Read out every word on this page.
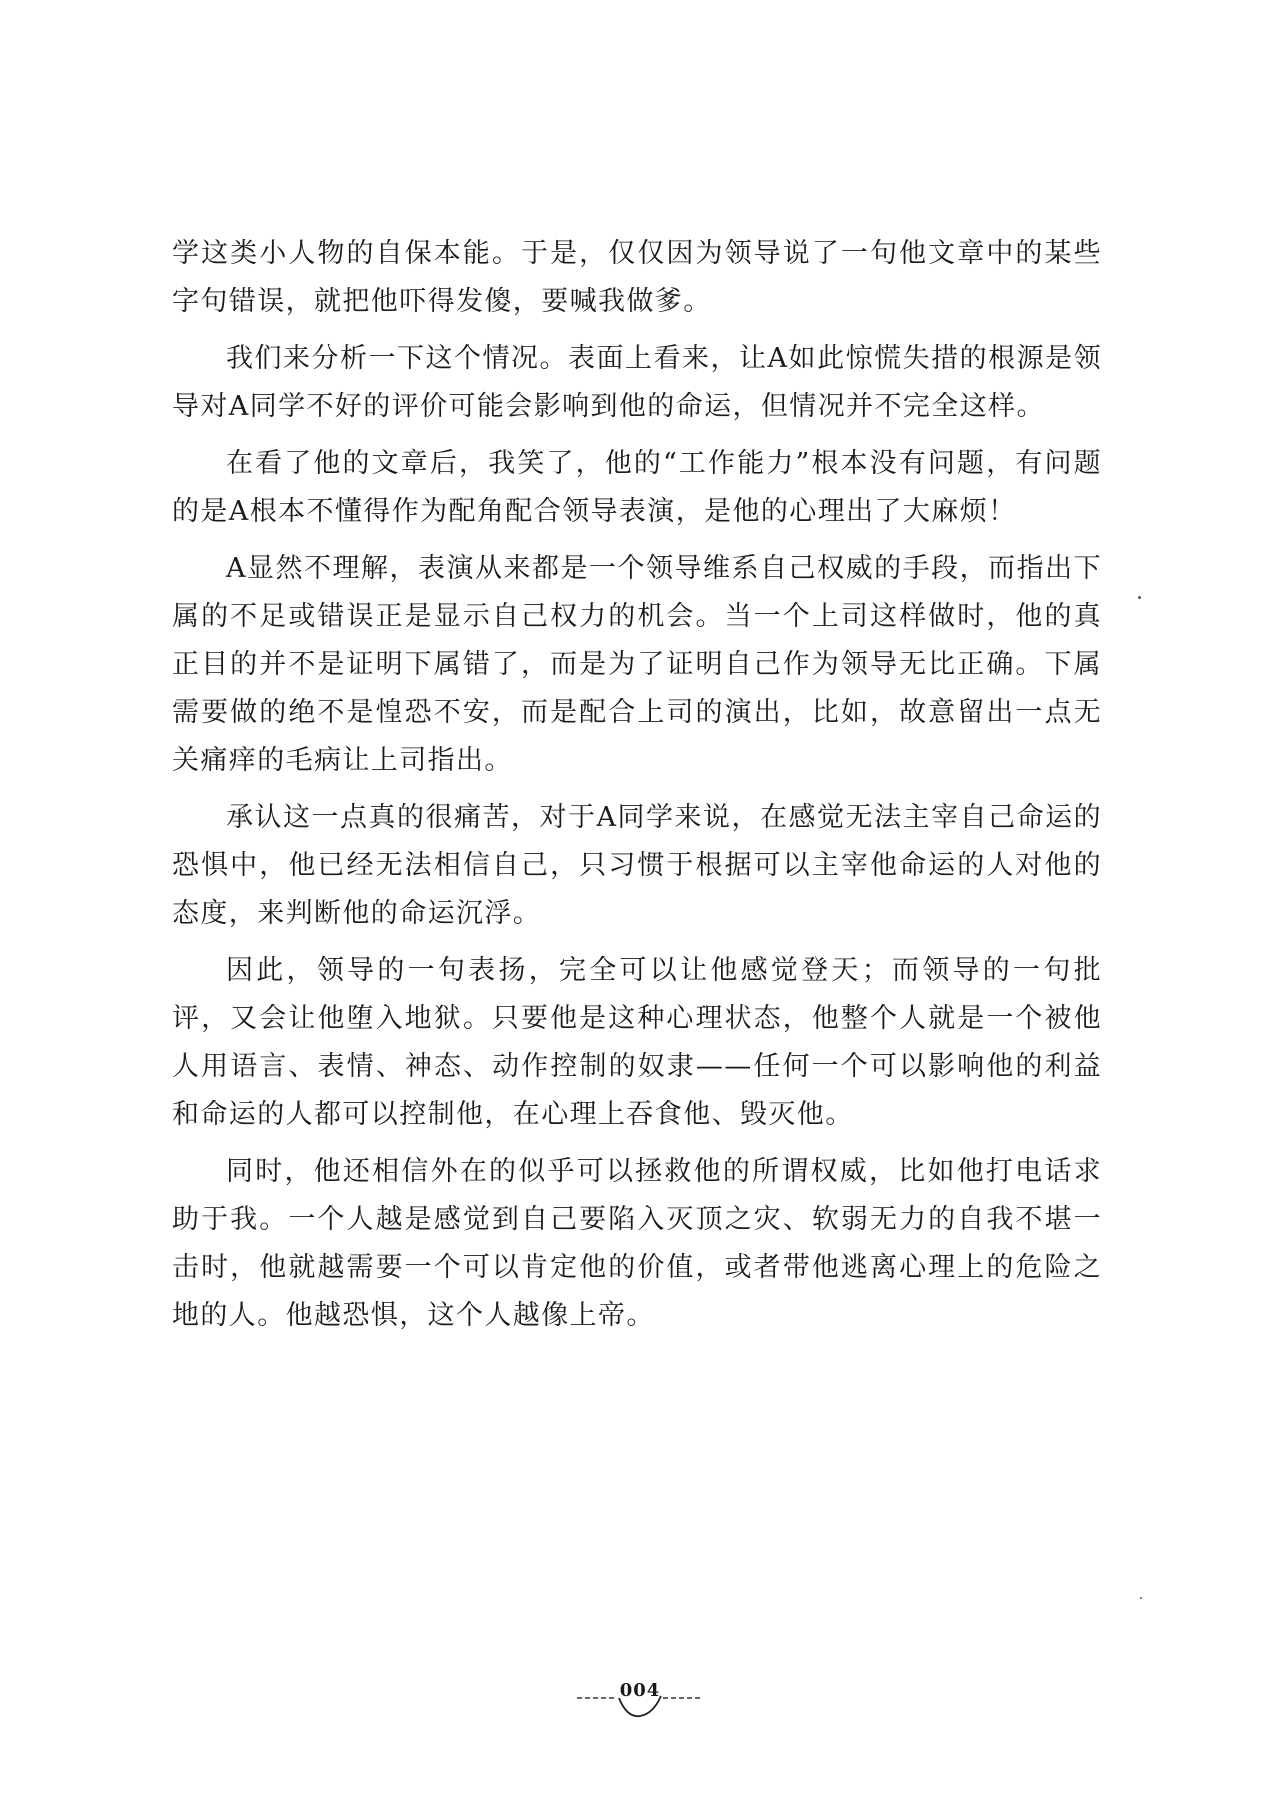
学这类小人物的自保本能。于是，仅仅因为领导说了一句他文章中的某些字句错误，就把他吓得发傻，要喊我做爹。

我们来分析一下这个情况。表面上看来，让A如此惊慌失措的根源是领导对A同学不好的评价可能会影响到他的命运，但情况并不完全这样。

在看了他的文章后，我笑了，他的“工作能力”根本没有问题，有问题的是A根本不懂得作为配角配合领导表演，是他的心理出了大麻烦！

A显然不理解，表演从来都是一个领导维系自己权威的手段，而指出下属的不足或错误正是显示自己权力的机会。当一个上司这样做时，他的真正目的并不是证明下属错了，而是为了证明自己作为领导无比正确。下属需要做的绝不是惶恐不安，而是配合上司的演出，比如，故意留出一点无关痛痒的毛病让上司指出。

承认这一点真的很痛苦，对于A同学来说，在感觉无法主宰自己命运的恐惧中，他已经无法相信自己，只习惯于根据可以主宰他命运的人对他的态度，来判断他的命运沉浮。

因此，领导的一句表扬，完全可以让他感觉登天；而领导的一句批评，又会让他堕入地狱。只要他是这种心理状态，他整个人就是一个被他人用语言、表情、神态、动作控制的奴隶——任何一个可以影响他的利益和命运的人都可以控制他，在心理上吞食他、毁灭他。

同时，他还相信外在的似乎可以拯救他的所谓权威，比如他打电话求助于我。一个人越是感觉到自己要陷入灭顶之灾、软弱无力的自我不堪一击时，他就越需要一个可以肯定他的价值，或者带他逃离心理上的危险之地的人。他越恐惧，这个人越像上帝。

004
